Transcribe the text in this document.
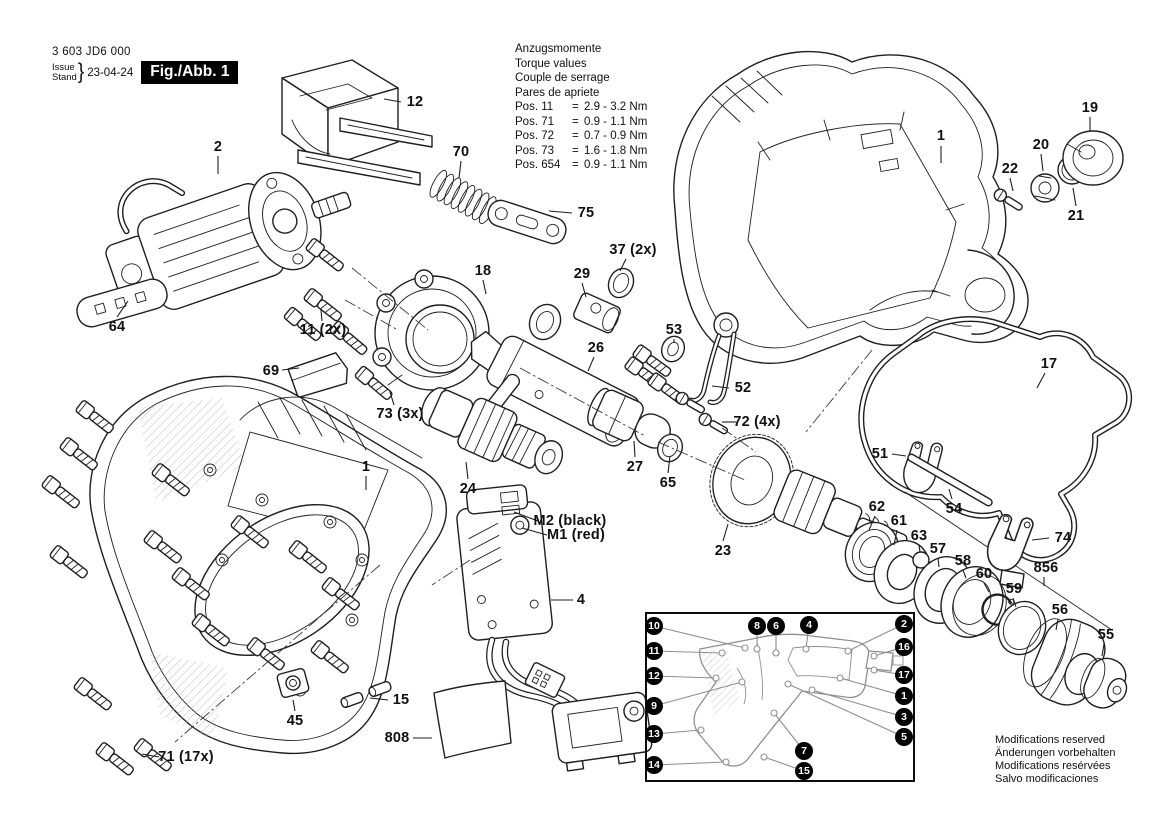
3 603 JD6 000
Issue
Stand } 23-04-24	Fig./Abb. 1
Anzugsmomente
Torque values
Couple de serrage
Pares de apriete
Pos. 11	= 2.9 - 3.2 Nm
Pos. 71	= 0.9 - 1.1 Nm
Pos. 72	= 0.7 - 0.9 Nm
Pos. 73	= 1.6 - 1.8 Nm
Pos. 654	= 0.9 - 1.1 Nm
Modifications reserved
Änderungen vorbehalten
Modifications resérvées
Salvo modificaciones
2
12
64	11 (2x)
70
75
37 (2x)
18	29
26
73 (3x)
69
1
24
27
65
23
53
52
72 (4x)
M2 (black)
M1 (red)
4
15
45
808
71 (17x)
1
19
20
22
21
17
51
54
62
61
63
57
58
60
59
74
856
56
55
10
11
12
9
13
14
8	6	4	2
16
17
1
3
5
7
15
